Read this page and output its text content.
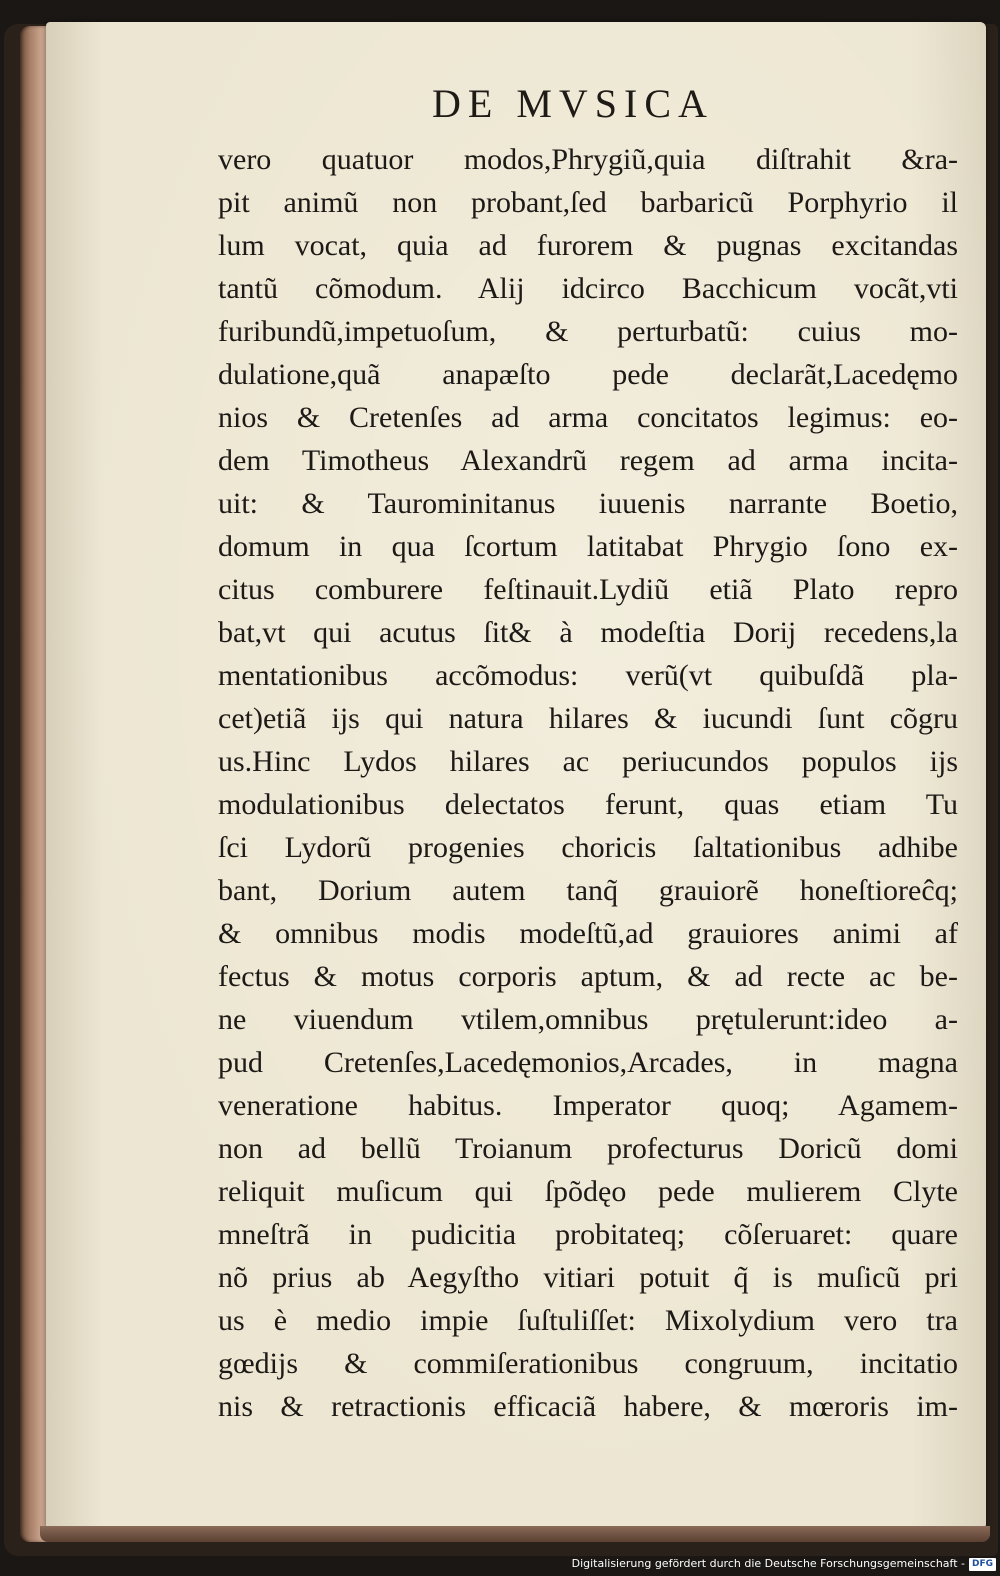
DE MVSICA
vero quatuor modos,Phrygiũ,quia diſtrahit &ra-
pit animũ non probant,ſed barbaricũ Porphyrio il
lum vocat, quia ad furorem & pugnas excitandas
tantũ cõmodum. Alij idcirco Bacchicum vocãt,vti
furibundũ,impetuoſum, & perturbatũ: cuius mo-
dulatione,quã anapæſto pede declarãt,Lacedęmo
nios & Cretenſes ad arma concitatos legimus: eo-
dem Timotheus Alexandrũ regem ad arma incita-
uit: & Taurominitanus iuuenis narrante Boetio,
domum in qua ſcortum latitabat Phrygio ſono ex-
citus comburere feſtinauit.Lydiũ etiã Plato repro
bat,vt qui acutus ſit& à modeſtia Dorij recedens,la
mentationibus accõmodus: verũ(vt quibuſdã pla-
cet)etiã ijs qui natura hilares & iucundi ſunt cõgru
us.Hinc Lydos hilares ac periucundos populos ijs
modulationibus delectatos ferunt, quas etiam Tu
ſci Lydorũ progenies choricis ſaltationibus adhibe
bant, Dorium autem tanq̃ grauiorẽ honeſtioreĉq;
& omnibus modis modeſtũ,ad grauiores animi af
fectus & motus corporis aptum, & ad recte ac be-
ne viuendum vtilem,omnibus prętulerunt:ideo a-
pud Cretenſes,Lacedęmonios,Arcades, in magna
veneratione habitus. Imperator quoq; Agamem-
non ad bellũ Troianum profecturus Doricũ domi
reliquit muſicum qui ſpõdęo pede mulierem Clyte
mneſtrã in pudicitia probitateq; cõſeruaret: quare
nõ prius ab Aegyſtho vitiari potuit q̃ is muſicũ pri
us è medio impie ſuſtuliſſet: Mixolydium vero tra
gœdijs & commiſerationibus congruum, incitatio
nis & retractionis efficaciã habere, & mœroris im-
Digitalisierung gefördert durch die Deutsche Forschungsgemeinschaft - DFG
